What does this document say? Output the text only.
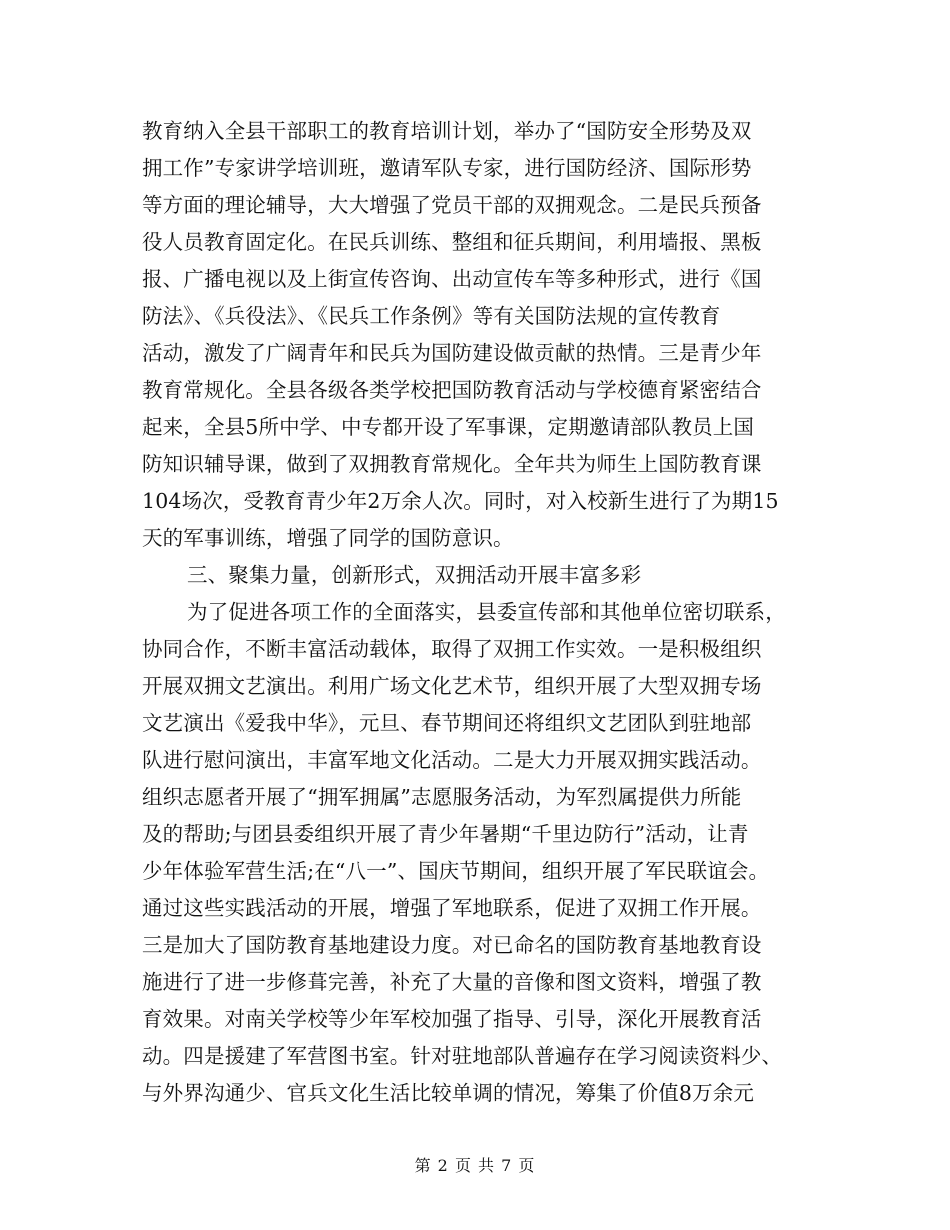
教育纳入全县干部职工的教育培训计划，举办了“国防安全形势及双
拥工作”专家讲学培训班，邀请军队专家，进行国防经济、国际形势
等方面的理论辅导，大大增强了党员干部的双拥观念。二是民兵预备
役人员教育固定化。在民兵训练、整组和征兵期间，利用墙报、黑板
报、广播电视以及上街宣传咨询、出动宣传车等多种形式，进行《国
防法》、《兵役法》、《民兵工作条例》等有关国防法规的宣传教育
活动，激发了广阔青年和民兵为国防建设做贡献的热情。三是青少年
教育常规化。全县各级各类学校把国防教育活动与学校德育紧密结合
起来，全县5所中学、中专都开设了军事课，定期邀请部队教员上国
防知识辅导课，做到了双拥教育常规化。全年共为师生上国防教育课
104场次，受教育青少年2万余人次。同时，对入校新生进行了为期15
天的军事训练，增强了同学的国防意识。
三、聚集力量，创新形式，双拥活动开展丰富多彩
为了促进各项工作的全面落实，县委宣传部和其他单位密切联系，
协同合作，不断丰富活动载体，取得了双拥工作实效。一是积极组织
开展双拥文艺演出。利用广场文化艺术节，组织开展了大型双拥专场
文艺演出《爱我中华》，元旦、春节期间还将组织文艺团队到驻地部
队进行慰问演出，丰富军地文化活动。二是大力开展双拥实践活动。
组织志愿者开展了“拥军拥属”志愿服务活动，为军烈属提供力所能
及的帮助;与团县委组织开展了青少年暑期“千里边防行”活动，让青
少年体验军营生活;在“八一”、国庆节期间，组织开展了军民联谊会。
通过这些实践活动的开展，增强了军地联系，促进了双拥工作开展。
三是加大了国防教育基地建设力度。对已命名的国防教育基地教育设
施进行了进一步修葺完善，补充了大量的音像和图文资料，增强了教
育效果。对南关学校等少年军校加强了指导、引导，深化开展教育活
动。四是援建了军营图书室。针对驻地部队普遍存在学习阅读资料少、
与外界沟通少、官兵文化生活比较单调的情况，筹集了价值8万余元
第 2 页 共 7 页
